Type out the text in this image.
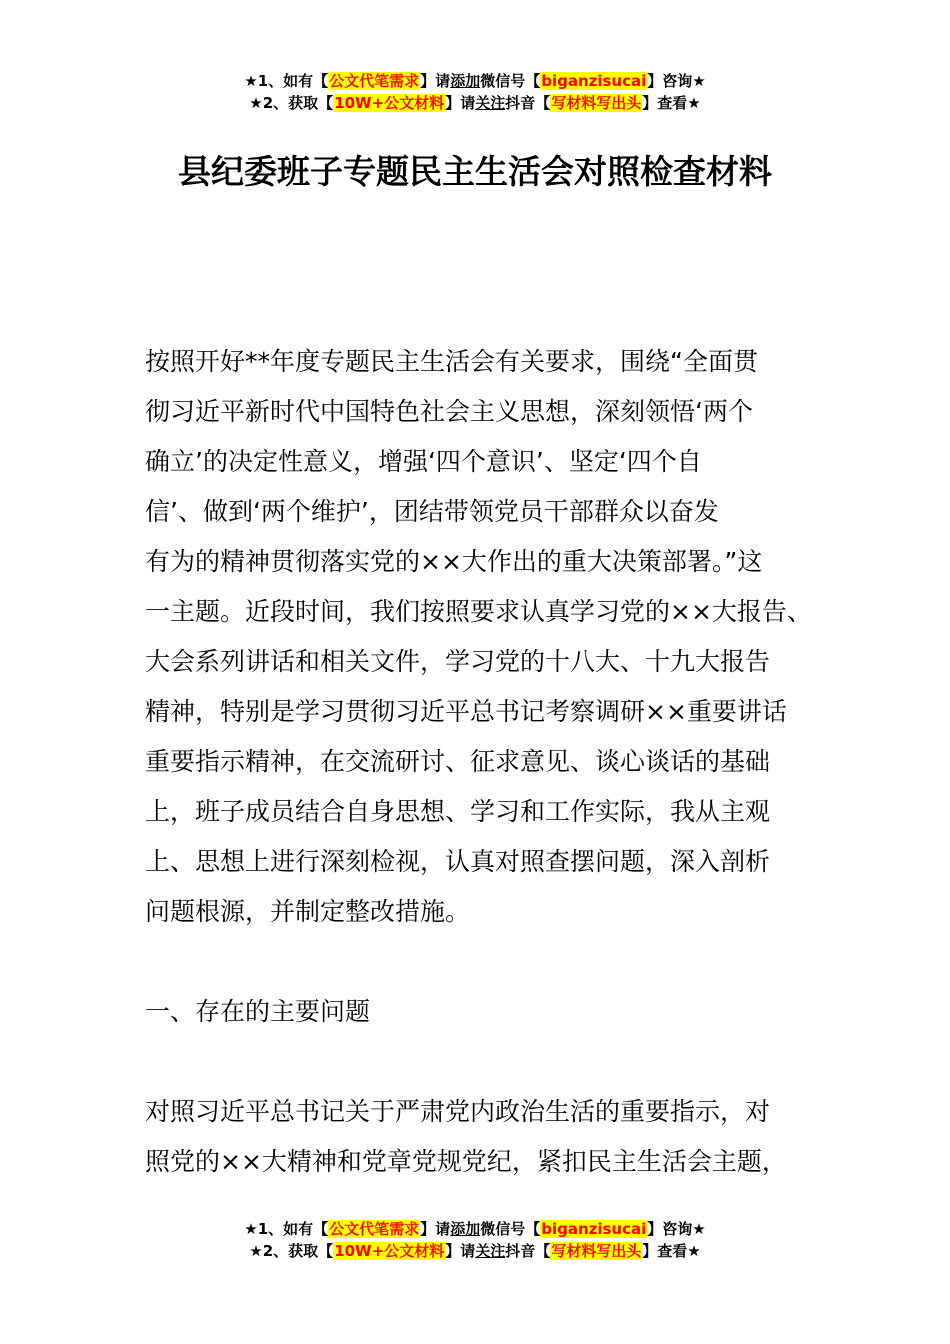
★1、如有【公文代笔需求】请添加微信号【biganzisucai】咨询★
★2、获取【10W+公文材料】请关注抖音【写材料写出头】查看★
县纪委班子专题民主生活会对照检查材料
按照开好**年度专题民主生活会有关要求，围绕“全面贯
彻习近平新时代中国特色社会主义思想，深刻领悟‘两个
确立’的决定性意义，增强‘四个意识’、坚定‘四个自
信’、做到‘两个维护’，团结带领党员干部群众以奋发
有为的精神贯彻落实党的××大作出的重大决策部署。”这
一主题。近段时间，我们按照要求认真学习党的××大报告、
大会系列讲话和相关文件，学习党的十八大、十九大报告
精神，特别是学习贯彻习近平总书记考察调研××重要讲话
重要指示精神，在交流研讨、征求意见、谈心谈话的基础
上，班子成员结合自身思想、学习和工作实际，我从主观
上、思想上进行深刻检视，认真对照查摆问题，深入剖析
问题根源，并制定整改措施。
一、存在的主要问题
对照习近平总书记关于严肃党内政治生活的重要指示，对
照党的××大精神和党章党规党纪，紧扣民主生活会主题，
★1、如有【公文代笔需求】请添加微信号【biganzisucai】咨询★
★2、获取【10W+公文材料】请关注抖音【写材料写出头】查看★
